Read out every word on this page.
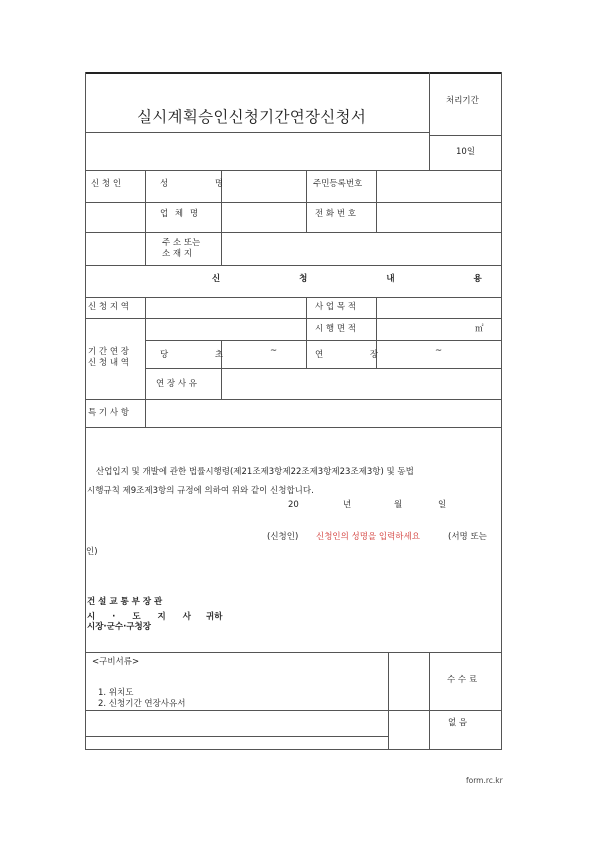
실시계획승인신청기간연장신청서
처리기간
10일
신 청 인	성 명	주민등록번호
업 체 명	전 화 번 호
주 소 또는
소 재 지
신 청 내 용
신 청 지 역	사 업 목 적
시 행 면 적	㎡
기 간 연 장
신 청 내 역
당 초	~	연 장	~
연 장 사 유
특 기 사 항
산업입지 및 개발에 관한 법률시행령(제21조제3항제22조제3항제23조제3항) 및 동법
시행규칙 제9조제3항의 규정에 의하여 위와 같이 신청합니다.
20	년	월	일
(신청인) 신청인의 성명을 입력하세요	(서명 또는
인)
건 설 교 통 부 장 관
시 · 도 지 사 귀하
시장·군수·구청장
<구비서류>
1. 위치도
2. 신청기간 연장사유서
수 수 료
없 음
form.rc.kr
